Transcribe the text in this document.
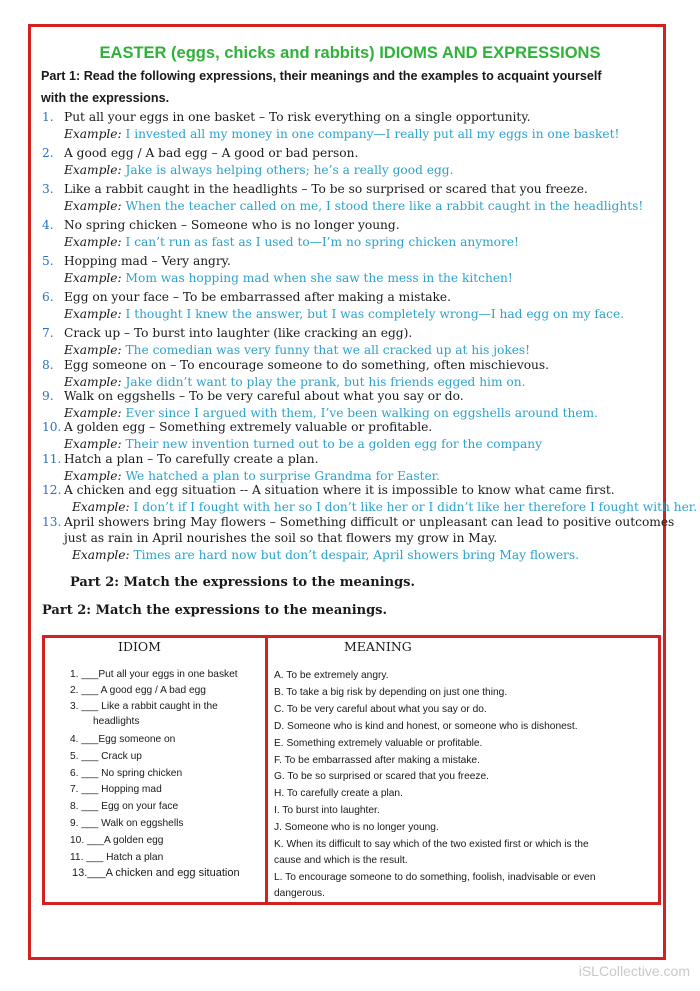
EASTER (eggs, chicks and rabbits) IDIOMS AND EXPRESSIONS
Part 1: Read the following expressions, their meanings and the examples to acquaint yourself
with the expressions.
1. Put all your eggs in one basket – To risk everything on a single opportunity.
Example: I invested all my money in one company—I really put all my eggs in one basket!
2. A good egg / A bad egg – A good or bad person.
Example: Jake is always helping others; he’s a really good egg.
3. Like a rabbit caught in the headlights – To be so surprised or scared that you freeze.
Example: When the teacher called on me, I stood there like a rabbit caught in the headlights!
4. No spring chicken – Someone who is no longer young.
Example: I can’t run as fast as I used to—I’m no spring chicken anymore!
5. Hopping mad – Very angry.
Example: Mom was hopping mad when she saw the mess in the kitchen!
6. Egg on your face – To be embarrassed after making a mistake.
Example: I thought I knew the answer, but I was completely wrong—I had egg on my face.
7. Crack up – To burst into laughter (like cracking an egg).
Example: The comedian was very funny that we all cracked up at his jokes!
8. Egg someone on – To encourage someone to do something, often mischievous.
Example: Jake didn’t want to play the prank, but his friends egged him on.
9. Walk on eggshells – To be very careful about what you say or do.
Example: Ever since I argued with them, I’ve been walking on eggshells around them.
10. A golden egg – Something extremely valuable or profitable.
Example: Their new invention turned out to be a golden egg for the company
11. Hatch a plan – To carefully create a plan.
Example: We hatched a plan to surprise Grandma for Easter.
12. A chicken and egg situation -- A situation where it is impossible to know what came first.
Example: I don’t if I fought with her so I don’t like her or I didn’t like her therefore I fought with her.
13. April showers bring May flowers – Something difficult or unpleasant can lead to positive outcomes
just as rain in April nourishes the soil so that flowers my grow in May.
Example: Times are hard now but don’t despair, April showers bring May flowers.
Part 2: Match the expressions to the meanings.
Part 2: Match the expressions to the meanings.
IDIOM	MEANING
1. ___Put all your eggs in one basket
2. ___ A good egg / A bad egg
3. ___ Like a rabbit caught in the
headlights
4. ___Egg someone on
5. ___ Crack up
6. ___ No spring chicken
7. ___ Hopping mad
8. ___ Egg on your face
9. ___ Walk on eggshells
10. ___A golden egg
11. ___ Hatch a plan
13.___A chicken and egg situation
A. To be extremely angry.
B. To take a big risk by depending on just one thing.
C. To be very careful about what you say or do.
D. Someone who is kind and honest, or someone who is dishonest.
E. Something extremely valuable or profitable.
F. To be embarrassed after making a mistake.
G. To be so surprised or scared that you freeze.
H. To carefully create a plan.
I. To burst into laughter.
J. Someone who is no longer young.
K. When its difficult to say which of the two existed first or which is the
cause and which is the result.
L. To encourage someone to do something, foolish, inadvisable or even
dangerous.
iSLCollective.com
